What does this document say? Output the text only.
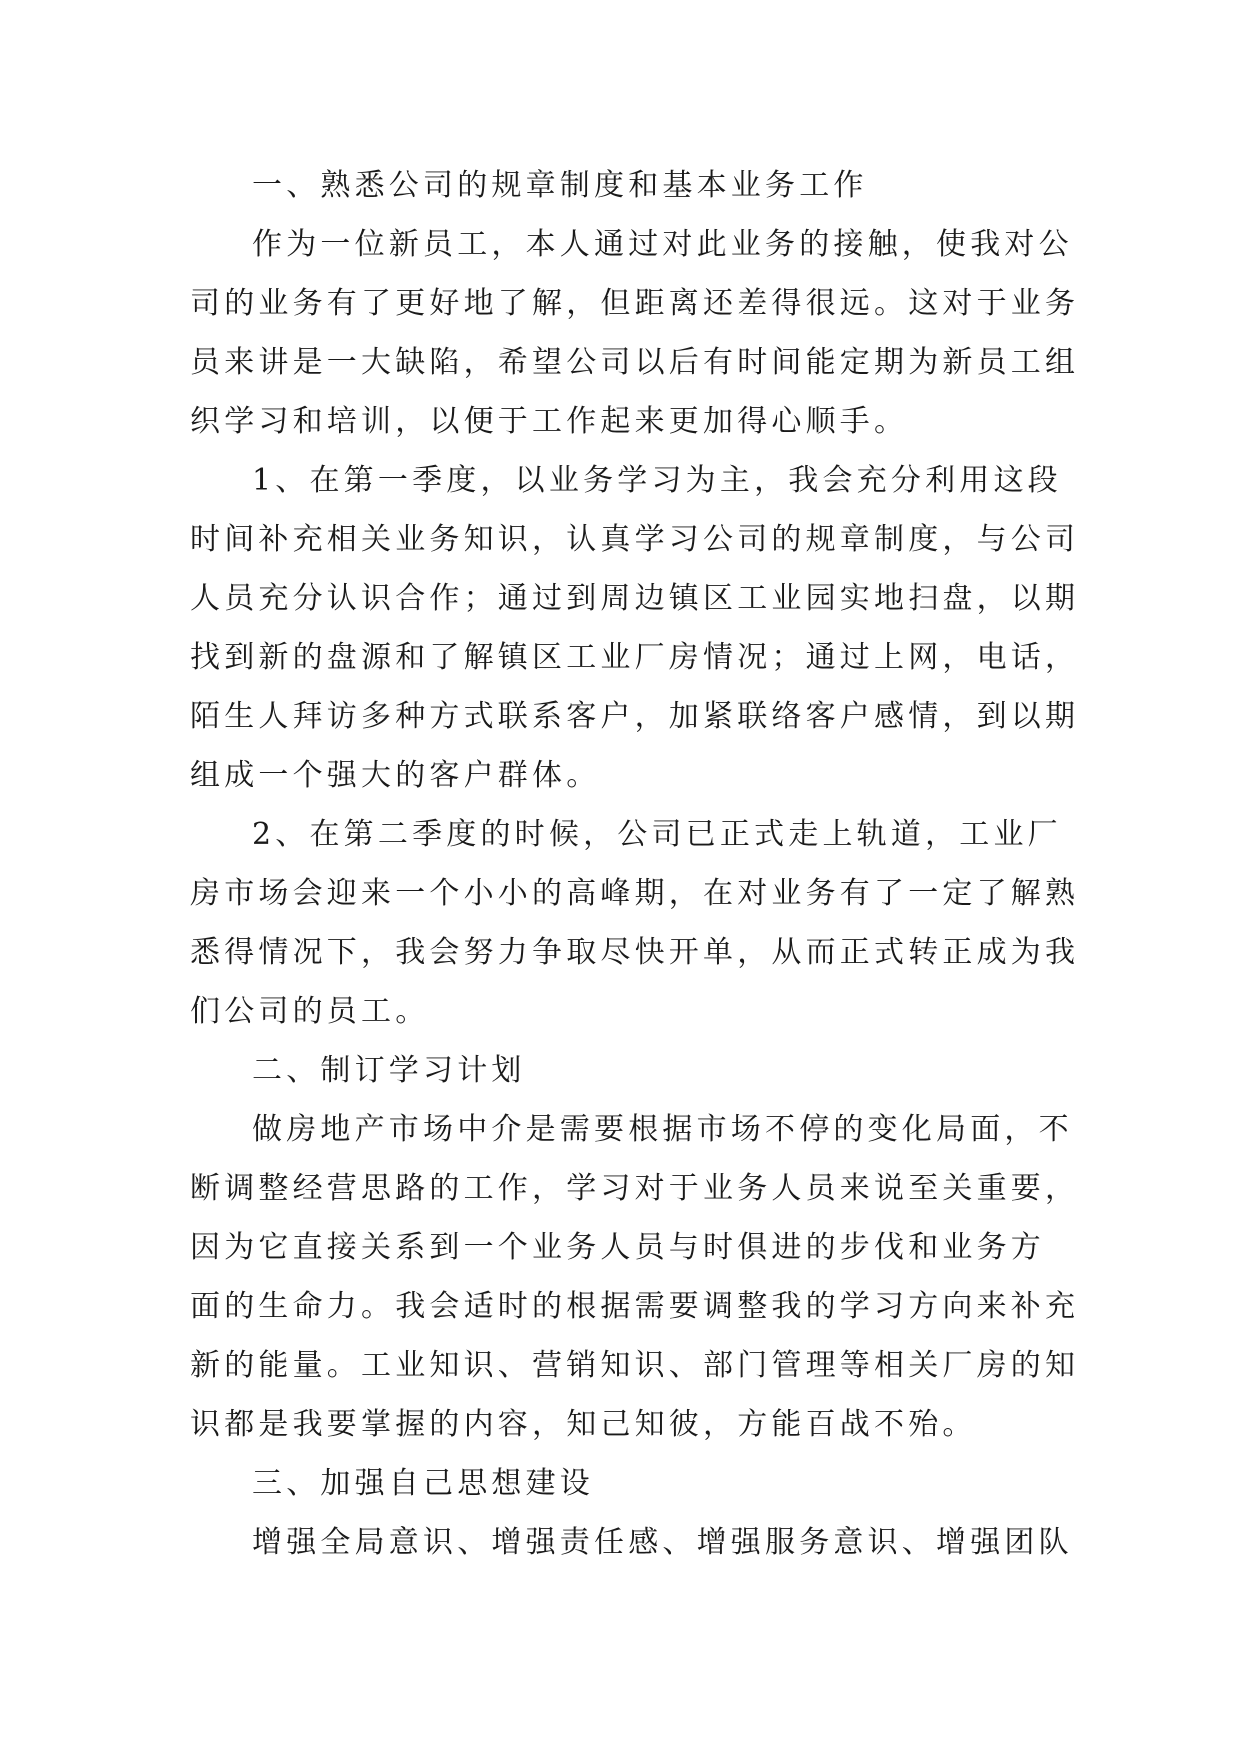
一、熟悉公司的规章制度和基本业务工作
作为一位新员工，本人通过对此业务的接触，使我对公
司的业务有了更好地了解，但距离还差得很远。这对于业务
员来讲是一大缺陷，希望公司以后有时间能定期为新员工组
织学习和培训，以便于工作起来更加得心顺手。
1、在第一季度，以业务学习为主，我会充分利用这段
时间补充相关业务知识，认真学习公司的规章制度，与公司
人员充分认识合作；通过到周边镇区工业园实地扫盘，以期
找到新的盘源和了解镇区工业厂房情况；通过上网，电话，
陌生人拜访多种方式联系客户，加紧联络客户感情，到以期
组成一个强大的客户群体。
2、在第二季度的时候，公司已正式走上轨道，工业厂
房市场会迎来一个小小的高峰期，在对业务有了一定了解熟
悉得情况下，我会努力争取尽快开单，从而正式转正成为我
们公司的员工。
二、制订学习计划
做房地产市场中介是需要根据市场不停的变化局面，不
断调整经营思路的工作，学习对于业务人员来说至关重要，
因为它直接关系到一个业务人员与时俱进的步伐和业务方
面的生命力。我会适时的根据需要调整我的学习方向来补充
新的能量。工业知识、营销知识、部门管理等相关厂房的知
识都是我要掌握的内容，知己知彼，方能百战不殆。
三、加强自己思想建设
增强全局意识、增强责任感、增强服务意识、增强团队
